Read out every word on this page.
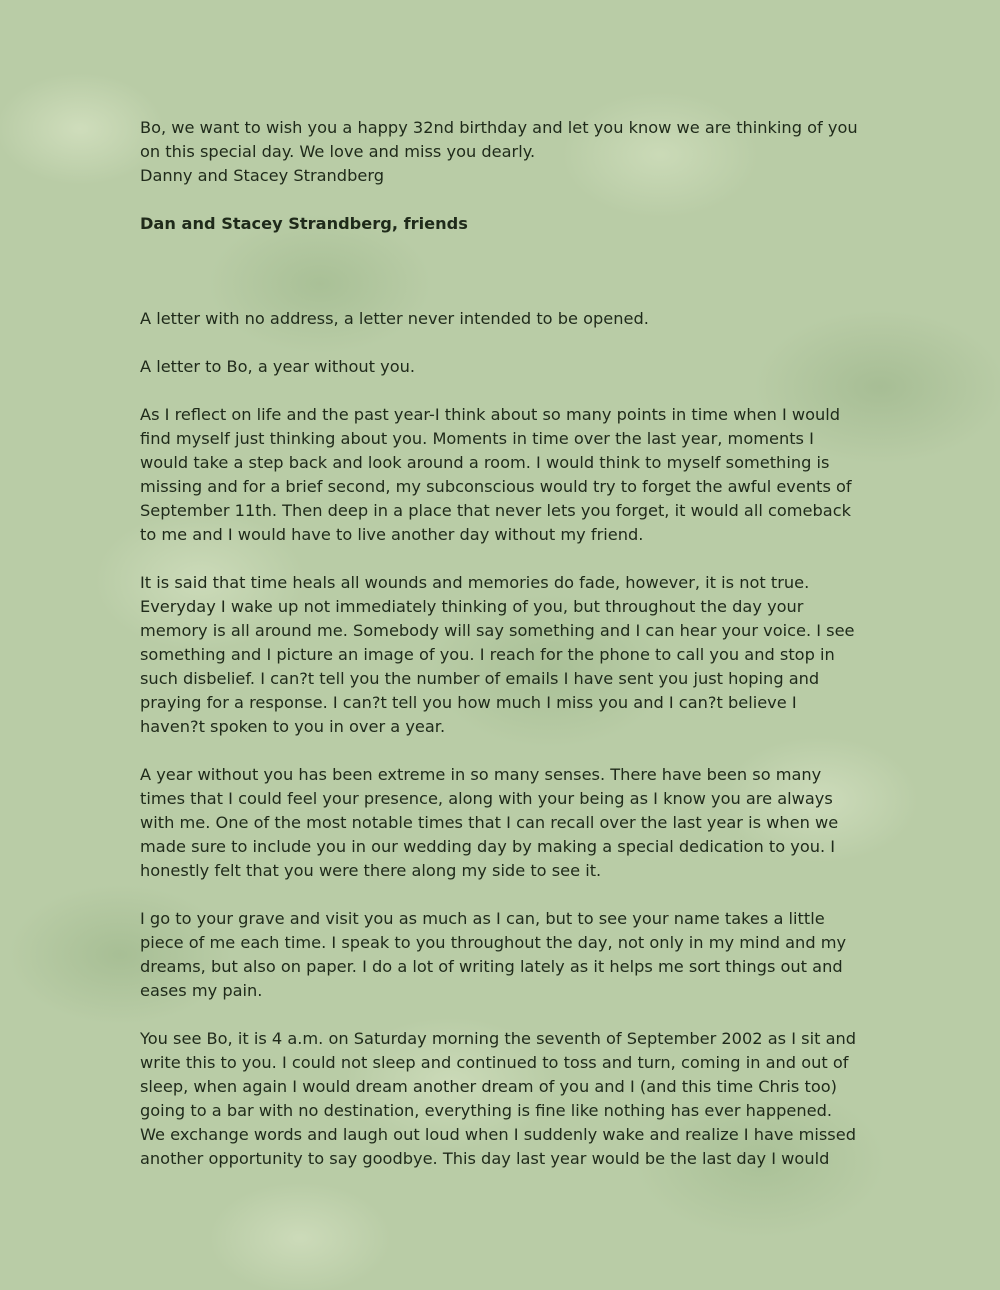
Bo, we want to wish you a happy 32nd birthday and let you know we are thinking of you
on this special day. We love and miss you dearly.
Danny and Stacey Strandberg
Dan and Stacey Strandberg, friends
A letter with no address, a letter never intended to be opened.
A letter to Bo, a year without you.
As I reflect on life and the past year-I think about so many points in time when I would
find myself just thinking about you. Moments in time over the last year, moments I
would take a step back and look around a room. I would think to myself something is
missing and for a brief second, my subconscious would try to forget the awful events of
September 11th. Then deep in a place that never lets you forget, it would all comeback
to me and I would have to live another day without my friend.
It is said that time heals all wounds and memories do fade, however, it is not true.
Everyday I wake up not immediately thinking of you, but throughout the day your
memory is all around me. Somebody will say something and I can hear your voice. I see
something and I picture an image of you. I reach for the phone to call you and stop in
such disbelief. I can?t tell you the number of emails I have sent you just hoping and
praying for a response. I can?t tell you how much I miss you and I can?t believe I
haven?t spoken to you in over a year.
A year without you has been extreme in so many senses. There have been so many
times that I could feel your presence, along with your being as I know you are always
with me. One of the most notable times that I can recall over the last year is when we
made sure to include you in our wedding day by making a special dedication to you. I
honestly felt that you were there along my side to see it.
I go to your grave and visit you as much as I can, but to see your name takes a little
piece of me each time. I speak to you throughout the day, not only in my mind and my
dreams, but also on paper. I do a lot of writing lately as it helps me sort things out and
eases my pain.
You see Bo, it is 4 a.m. on Saturday morning the seventh of September 2002 as I sit and
write this to you. I could not sleep and continued to toss and turn, coming in and out of
sleep, when again I would dream another dream of you and I (and this time Chris too)
going to a bar with no destination, everything is fine like nothing has ever happened.
We exchange words and laugh out loud when I suddenly wake and realize I have missed
another opportunity to say goodbye. This day last year would be the last day I would
